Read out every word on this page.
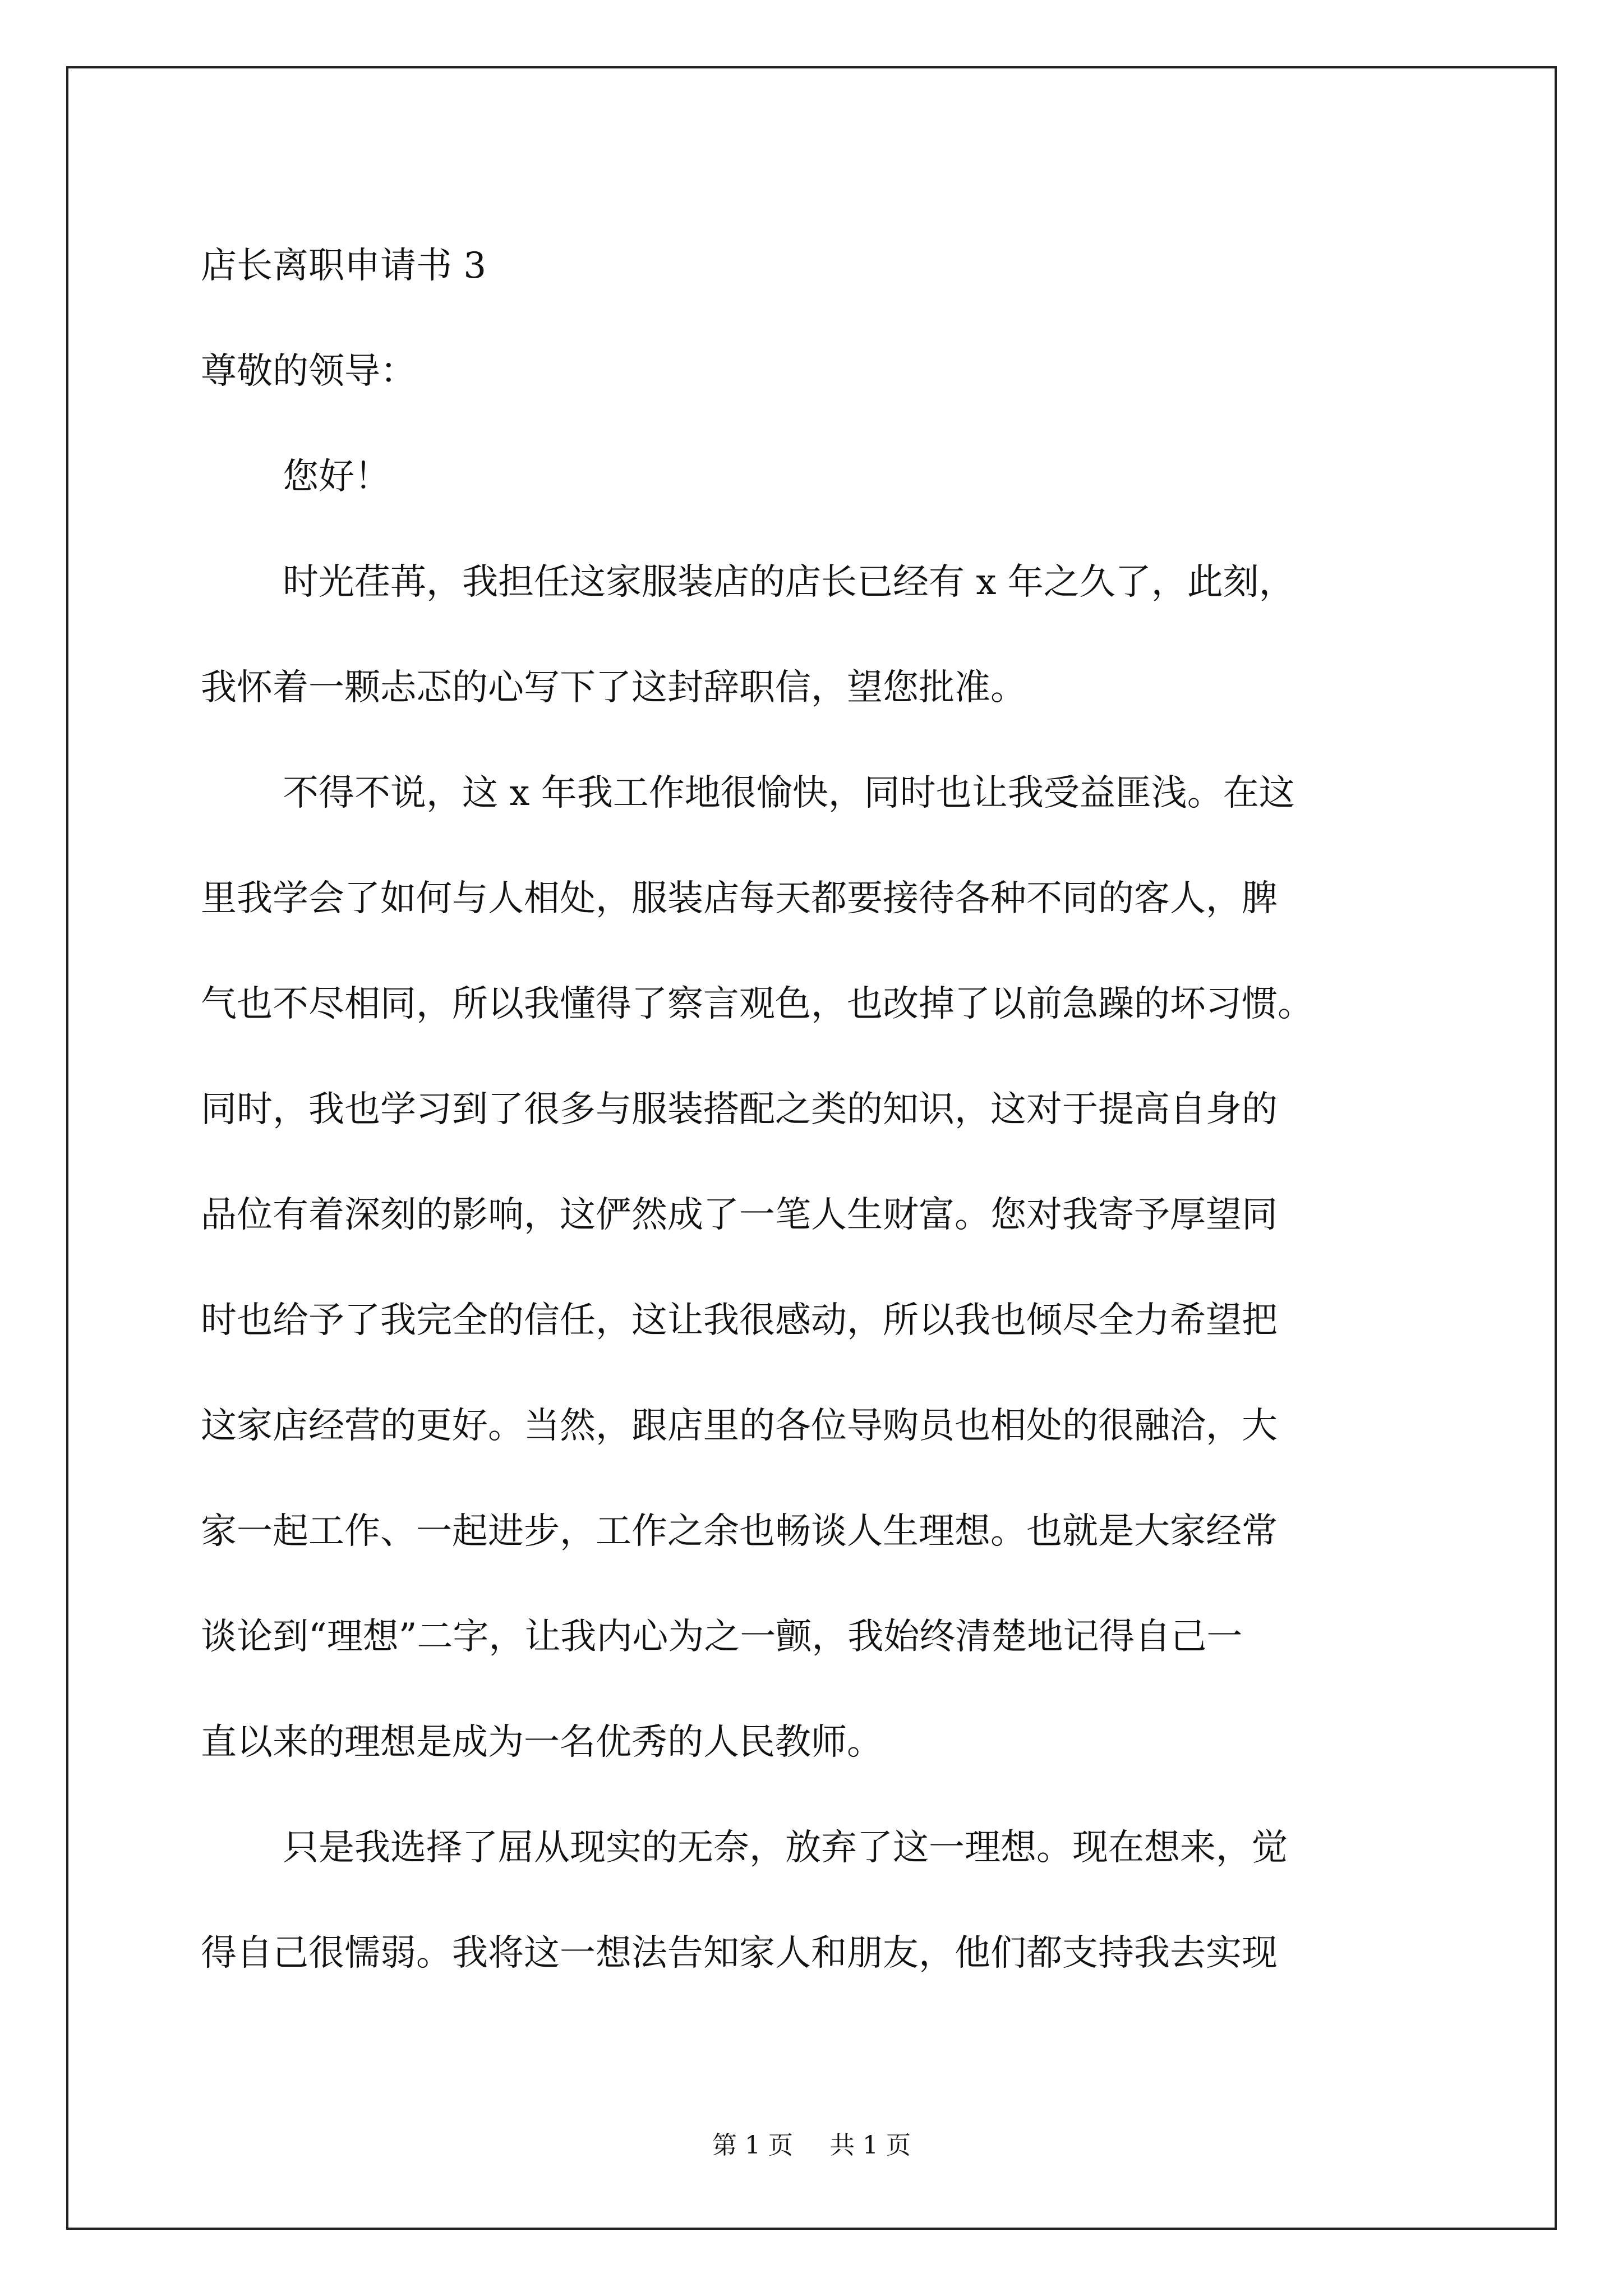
店长离职申请书 3
尊敬的领导：
您好！
时光荏苒，我担任这家服装店的店长已经有 x 年之久了，此刻，
我怀着一颗忐忑的心写下了这封辞职信，望您批准。
不得不说，这 x 年我工作地很愉快，同时也让我受益匪浅。在这
里我学会了如何与人相处，服装店每天都要接待各种不同的客人，脾
气也不尽相同，所以我懂得了察言观色，也改掉了以前急躁的坏习惯。
同时，我也学习到了很多与服装搭配之类的知识，这对于提高自身的
品位有着深刻的影响，这俨然成了一笔人生财富。您对我寄予厚望同
时也给予了我完全的信任，这让我很感动，所以我也倾尽全力希望把
这家店经营的更好。当然，跟店里的各位导购员也相处的很融洽，大
家一起工作、一起进步，工作之余也畅谈人生理想。也就是大家经常
谈论到“理想”二字，让我内心为之一颤，我始终清楚地记得自己一
直以来的理想是成为一名优秀的人民教师。
只是我选择了屈从现实的无奈，放弃了这一理想。现在想来，觉
得自己很懦弱。我将这一想法告知家人和朋友，他们都支持我去实现
第 1 页 共 1 页
